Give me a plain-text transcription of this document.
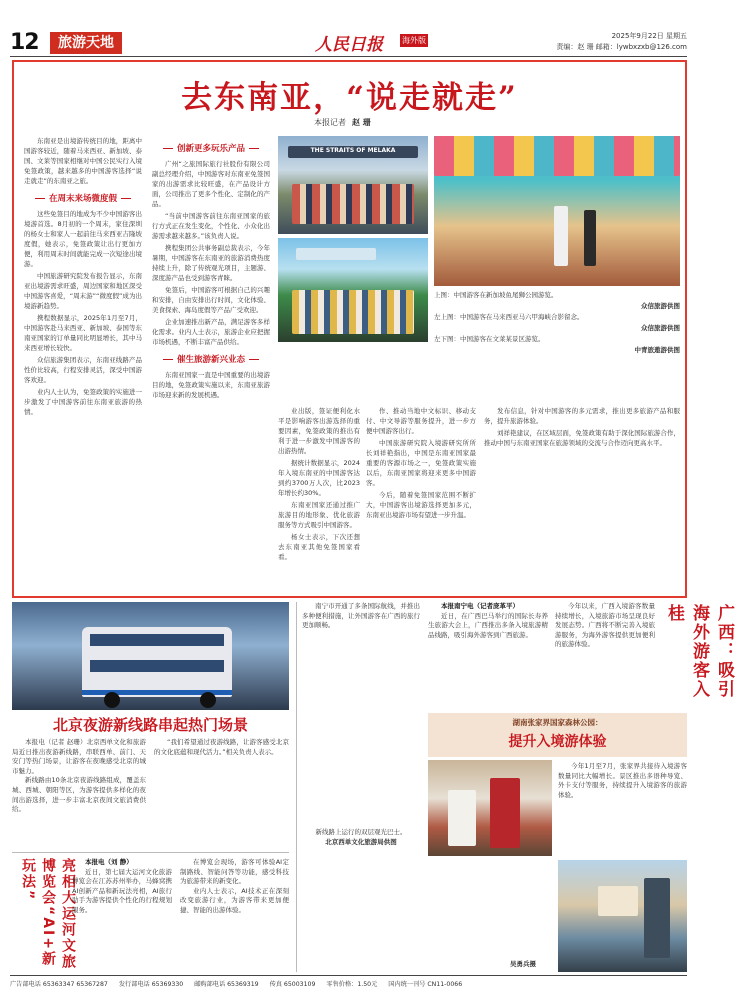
12	旅游天地	人民日报 海外版	2025年9月22日 星期五
责编：赵 珊 邮箱：lywbxzxb@126.com
去东南亚，“说走就走”
本报记者 赵 珊

东南亚是出境游传统目的地，距离中国游客较近，随着马来西亚、新加坡、泰国、文莱等国家相继对中国公民实行入境免签政策，越来越多的中国游客选择“说走就走”的东南亚之旅。

在周末来场微度假

这些免签目的地成为不少中国游客出境游首选。8月初的一个周末，家住深圳的杨女士和家人一起前往马来西亚吉隆坡度假，她表示，免签政策让出行更加方便，利用周末时间就能完成一次短途出境游。

中国旅游研究院发布报告显示，东南亚出境游需求旺盛，周边国家和地区深受中国游客喜爱，“周末游”“微度假”成为出境游新趋势。

携程数据显示，2025年1月至7月，中国游客赴马来西亚、新加坡、泰国等东南亚国家的订单量同比明显增长，其中马来西亚增长较快。

众信旅游集团表示，东南亚线路产品性价比较高，行程安排灵活，深受中国游客欢迎。

业内人士认为，免签政策的实施进一步激发了中国游客前往东南亚旅游的热情。

创新更多玩乐产品

广州“之旅国际旅行社股份有限公司副总经理介绍，中国游客对东南亚免签国家的出游需求比较旺盛，在产品设计方面，公司推出了更多个性化、定制化的产品。

“当前中国游客前往东南亚国家的旅行方式正在发生变化，个性化、小众化出游需求越来越多。”该负责人说。

携程集团公共事务副总裁表示，今年暑期，中国游客在东南亚的旅游消费热度持续上升，除了传统观光项目，主题游、深度游产品也受到游客青睐。

免签后，中国游客可根据自己的兴趣和安排，自由安排出行时间，文化体验、美食探索、海岛度假等产品广受欢迎。

企业加速推出新产品，满足游客多样化需求。业内人士表示，旅游企业应把握市场机遇，不断丰富产品供给。

催生旅游新兴业态

东南亚国家一直是中国重要的出境游目的地，免签政策实施以来，东南亚旅游市场迎来新的发展机遇。

THE STRAITS OF MELAKA
上图：中国游客在新加坡鱼尾狮公园游览。
众信旅游供图
左上图：中国游客在马来西亚马六甲海峡合影留念。
众信旅游供图
左下图：中国游客在文莱某景区游览。
中青旅遨游供图

业出版，签证便利化水平是影响游客出游选择的重要因素，免签政策的推出有利于进一步激发中国游客的出游热情。

据统计数据显示，2024年入境东南亚的中国游客达到约3700万人次，比2023年增长约30%。

东南亚国家还通过推广旅游目的地形象、优化旅游服务等方式吸引中国游客。

杨女士表示，下次还想去东南亚其他免签国家看看。

作、推动当地中文标识、移动支付、中文导游等服务提升，进一步方便中国游客出行。

中国旅游研究院入境游研究所所长刘祥艳指出，中国是东南亚国家最重要的客源市场之一，免签政策实施以后，东南亚国家将迎来更多中国游客。

今后，随着免签国家范围不断扩大，中国游客出境游选择更加多元，东南亚出境游市场有望进一步升温。

发布信息，针对中国游客的多元需求，推出更多旅游产品和服务，提升旅游体验。

刘祥艳建议，在区域层面，免签政策有助于深化国际旅游合作，推动中国与东南亚国家在旅游领域的交流与合作迈向更高水平。

北京夜游新线路串起热门场景

本报电（记者 赵珊）北京西单文化和旅游局近日推出夜游新线路，串联西单、前门、天安门等热门场景，让游客在夜晚感受北京的城市魅力。

新线路由10条北京夜游线路组成，覆盖东城、西城、朝阳等区，为游客提供多样化的夜间出游选择，进一步丰富北京夜间文旅消费供给。

“我们希望通过夜游线路，让游客感受北京的文化底蕴和现代活力。”相关负责人表示。

亮相大运河文旅博览会“AI+新玩法”	本报电（刘 静）

近日，第七届大运河文化旅游博览会在江苏苏州举办，马蜂窝携AI创新产品和新玩法亮相，AI旅行助手为游客提供个性化的行程规划服务。

在博览会现场，游客可体验AI定制路线、智能问答等功能，感受科技为旅游带来的新变化。

业内人士表示，AI技术正在深刻改变旅游行业，为游客带来更加便捷、智能的出游体验。

南宁市开通了多条国际航线，并推出多种便利措施，让外国游客在广西的旅行更加顺畅。

新线路上运行的双层观光巴士。
北京西单文化旅游局供图

本报南宁电（记者庞革平）

近日，在广西巴马举行的国际长寿养生旅游大会上，广西推出多条入境旅游精品线路，吸引海外游客到广西旅游。

今年以来，广西入境游客数量持续增长，入境旅游市场呈现良好发展态势。广西将不断完善入境旅游服务，为海外游客提供更加便利的旅游体验。	广西：吸引海外游客入桂
湖南张家界国家森林公园：
提升入境游体验

今年1月至7月，张家界共接待入境游客数量同比大幅增长。景区推出多语种导览、外卡支付等服务，持续提升入境游客的旅游体验。

吴勇兵摄
广告部电话 65363347 65367287 发行部电话 65369330 邮购部电话 65369319 传真 65003109 零售价格：1.50元 国内统一刊号 CN11-0066
